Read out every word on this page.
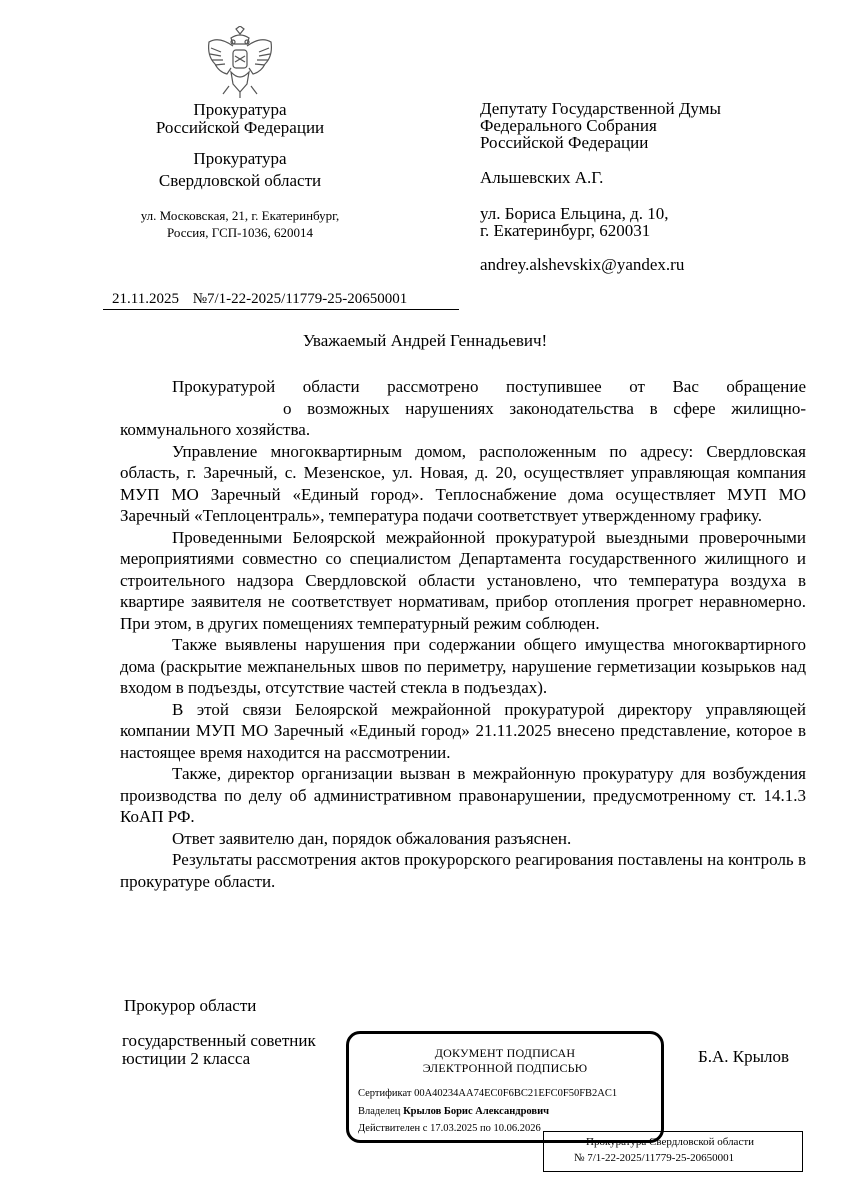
Прокуратура
Российской Федерации
Прокуратура
Свердловской области
ул. Московская, 21, г. Екатеринбург,
Россия, ГСП-1036, 620014
Депутату Государственной Думы
Федерального Собрания
Российской Федерации
Альшевских А.Г.
ул. Бориса Ельцина, д. 10,
г. Екатеринбург, 620031
andrey.alshevskix@yandex.ru
21.11.2025 №7/1-22-2025/11779-25-20650001
Уважаемый Андрей Геннадьевич!

Прокуратурой области рассмотрено поступившее от Вас обращение

о возможных нарушениях законодательства в сфере жилищно-коммунального хозяйства.

Управление многоквартирным домом, расположенным по адресу: Свердловская область, г. Заречный, с. Мезенское, ул. Новая, д. 20, осуществляет управляющая компания МУП МО Заречный «Единый город». Теплоснабжение дома осуществляет МУП МО Заречный «Теплоцентраль», температура подачи соответствует утвержденному графику.

Проведенными Белоярской межрайонной прокуратурой выездными проверочными мероприятиями совместно со специалистом Департамента государственного жилищного и строительного надзора Свердловской области установлено, что температура воздуха в квартире заявителя не соответствует нормативам, прибор отопления прогрет неравномерно. При этом, в других помещениях температурный режим соблюден.

Также выявлены нарушения при содержании общего имущества многоквартирного дома (раскрытие межпанельных швов по периметру, нарушение герметизации козырьков над входом в подъезды, отсутствие частей стекла в подъездах).

В этой связи Белоярской межрайонной прокуратурой директору управляющей компании МУП МО Заречный «Единый город» 21.11.2025 внесено представление, которое в настоящее время находится на рассмотрении.

Также, директор организации вызван в межрайонную прокуратуру для возбуждения производства по делу об административном правонарушении, предусмотренному ст. 14.1.3 КоАП РФ.

Ответ заявителю дан, порядок обжалования разъяснен.

Результаты рассмотрения актов прокурорского реагирования поставлены на контроль в прокуратуре области.

Прокурор области
государственный советник
юстиции 2 класса	Б.А. Крылов
ДОКУМЕНТ ПОДПИСАН
ЭЛЕКТРОННОЙ ПОДПИСЬЮ
Сертификат 00A40234AA74EC0F6BC21EFC0F50FB2AC1
Владелец Крылов Борис Александрович
Действителен с 17.03.2025 по 10.06.2026
Прокуратура Свердловской области
№ 7/1-22-2025/11779-25-20650001
